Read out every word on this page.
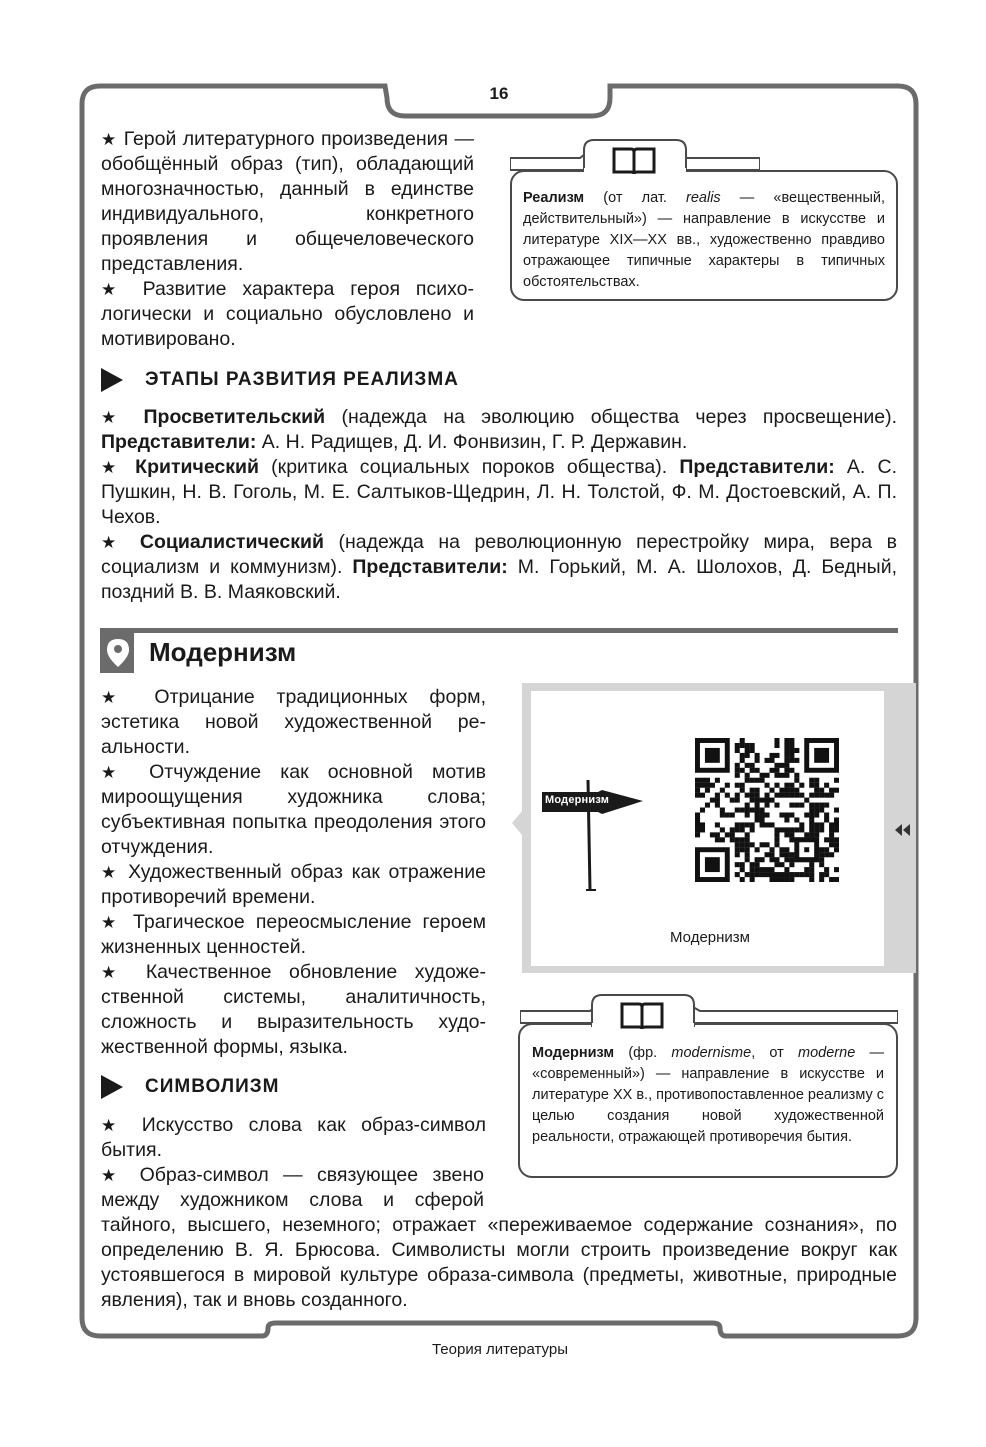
16

★ Герой литературного произведения — обобщённый образ (тип), обладающий многозначностью, данный в единстве индивидуального, конкретного проявления и общечеловеческого представления.

★ Развитие характера героя психологически и социально обусловлено и мотивировано.

Реализм (от лат. realis — «вещественный, действительный») — направление в искусстве и литературе XIX—XX вв., художественно правдиво отражающее типичные характеры в типичных обстоятельствах.

ЭТАПЫ РАЗВИТИЯ РЕАЛИЗМА

★ Просветительский (надежда на эволюцию общества через просвещение). Представители: А. Н. Радищев, Д. И. Фонвизин, Г. Р. Державин.

★ Критический (критика социальных пороков общества). Представители: А. С. Пушкин, Н. В. Гоголь, М. Е. Салтыков-Щедрин, Л. Н. Толстой, Ф. М. Достоевский, А. П. Чехов.

★ Социалистический (надежда на революционную перестройку мира, вера в социализм и коммунизм). Представители: М. Горький, М. А. Шолохов, Д. Бедный, поздний В. В. Маяковский.

Модернизм

★ Отрицание традиционных форм, эстетика новой художественной реальности.

★ Отчуждение как основной мотив мироощущения художника слова; субъективная попытка преодоления этого отчуждения.

★ Художественный образ как отражение противоречий времени.

★ Трагическое переосмысление героем жизненных ценностей.

★ Качественное обновление художественной системы, аналитичность, сложность и выразительность художественной формы, языка.

Модернизм
Модернизм

Модернизм (фр. modernisme, от moderne — «современный») — направление в искусстве и литературе XX в., противопоставленное реализму с целью создания новой художественной реальности, отражающей противоречия бытия.

СИМВОЛИЗМ

★ Искусство слова как образ-символ бытия.

★ Образ-символ — связующее звено между художником слова и сферой

тайного, высшего, неземного; отражает «переживаемое содержание сознания», по определению В. Я. Брюсова. Символисты могли строить произведение вокруг как устоявшегося в мировой культуре образа-символа (предметы, животные, природные явления), так и вновь созданного.

Теория литературы
